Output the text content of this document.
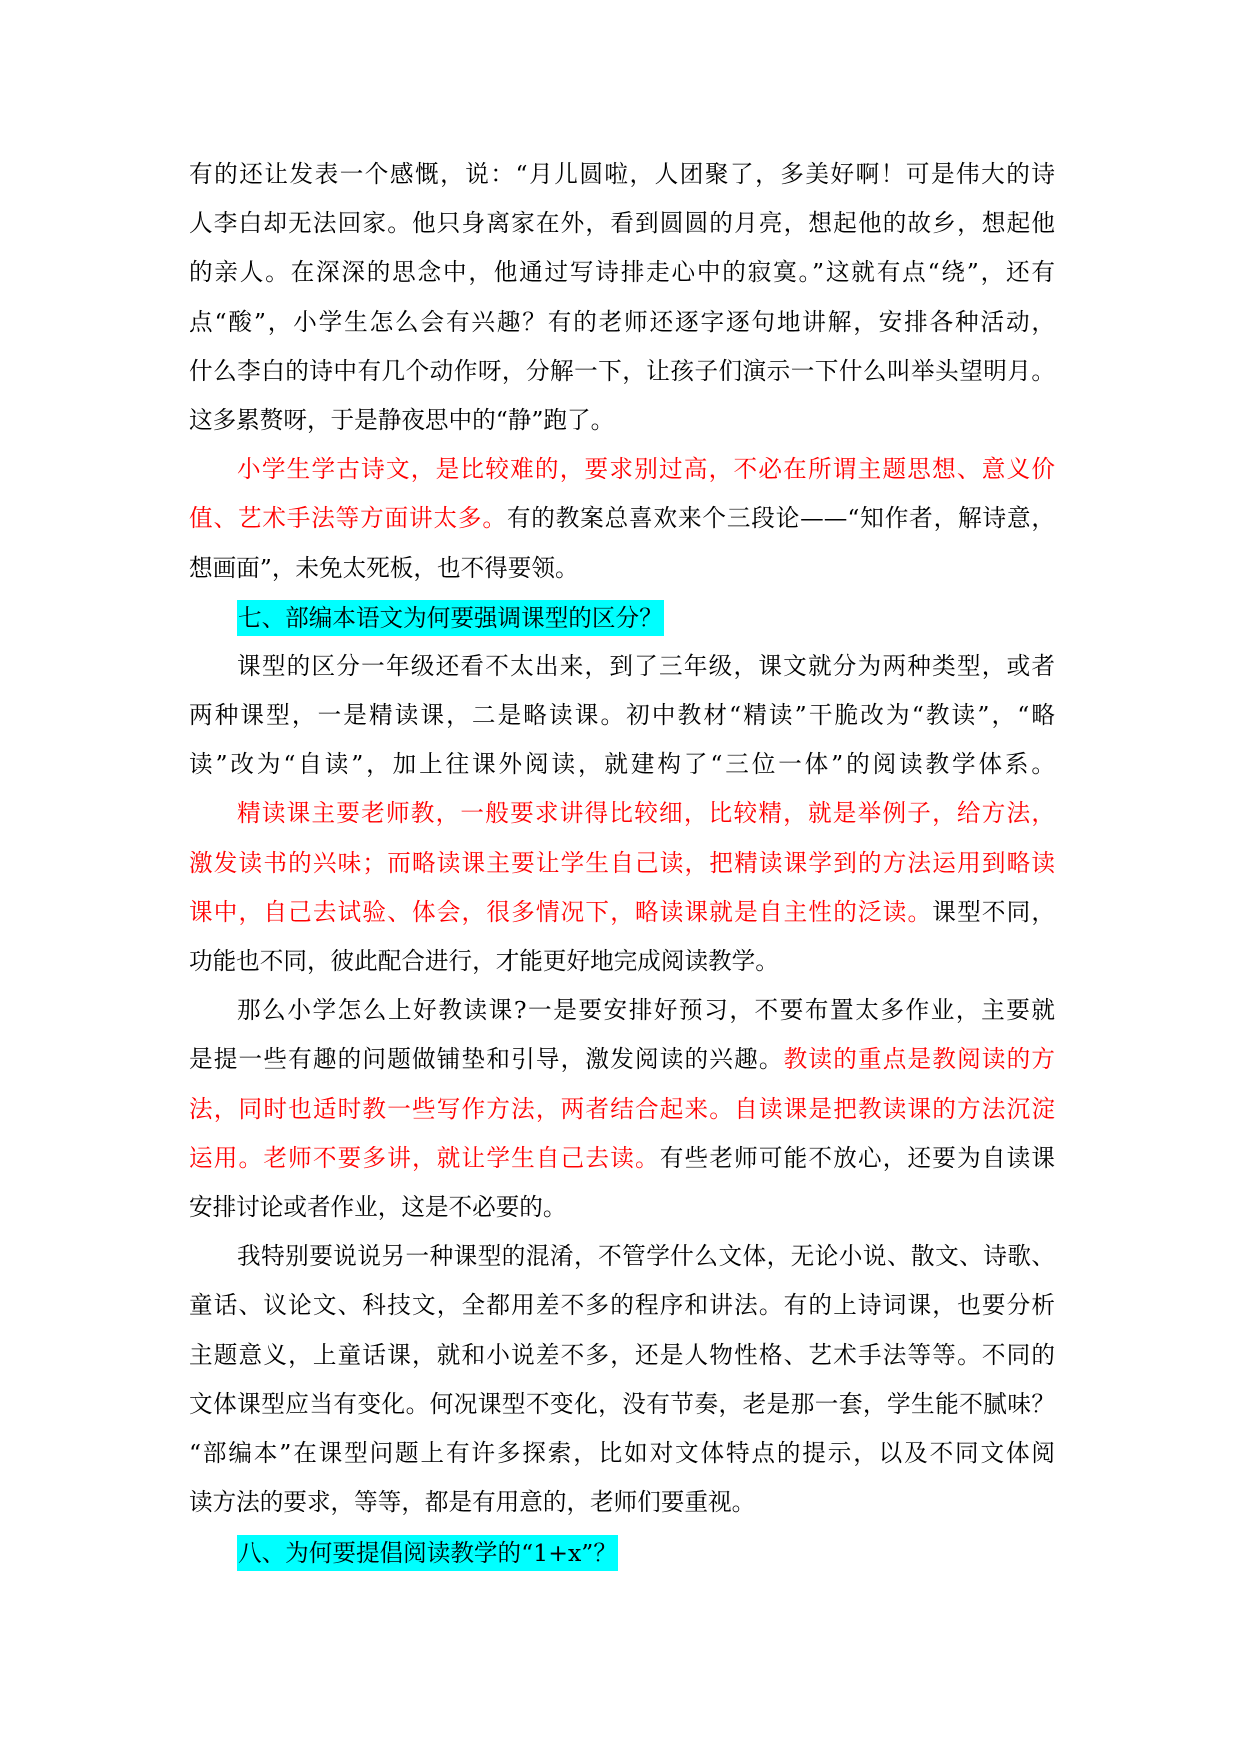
有的还让发表一个感慨，说：“月儿圆啦，人团聚了，多美好啊！可是伟大的诗
人李白却无法回家。他只身离家在外，看到圆圆的月亮，想起他的故乡，想起他
的亲人。在深深的思念中，他通过写诗排走心中的寂寞。”这就有点“绕”，还有
点“酸”，小学生怎么会有兴趣？有的老师还逐字逐句地讲解，安排各种活动，
什么李白的诗中有几个动作呀，分解一下，让孩子们演示一下什么叫举头望明月。
这多累赘呀，于是静夜思中的“静”跑了。
小学生学古诗文，是比较难的，要求别过高，不必在所谓主题思想、意义价
值、艺术手法等方面讲太多。有的教案总喜欢来个三段论——“知作者，解诗意，
想画面”，未免太死板，也不得要领。
七、部编本语文为何要强调课型的区分？
课型的区分一年级还看不太出来，到了三年级，课文就分为两种类型，或者
两种课型，一是精读课，二是略读课。初中教材“精读”干脆改为“教读”，“略
读”改为“自读”，加上往课外阅读，就建构了“三位一体”的阅读教学体系。
精读课主要老师教，一般要求讲得比较细，比较精，就是举例子，给方法，
激发读书的兴味；而略读课主要让学生自己读，把精读课学到的方法运用到略读
课中，自己去试验、体会，很多情况下，略读课就是自主性的泛读。课型不同，
功能也不同，彼此配合进行，才能更好地完成阅读教学。
那么小学怎么上好教读课?一是要安排好预习，不要布置太多作业，主要就
是提一些有趣的问题做铺垫和引导，激发阅读的兴趣。教读的重点是教阅读的方
法，同时也适时教一些写作方法，两者结合起来。自读课是把教读课的方法沉淀
运用。老师不要多讲，就让学生自己去读。有些老师可能不放心，还要为自读课
安排讨论或者作业，这是不必要的。
我特别要说说另一种课型的混淆，不管学什么文体，无论小说、散文、诗歌、
童话、议论文、科技文，全都用差不多的程序和讲法。有的上诗词课，也要分析
主题意义，上童话课，就和小说差不多，还是人物性格、艺术手法等等。不同的
文体课型应当有变化。何况课型不变化，没有节奏，老是那一套，学生能不腻味？
“部编本”在课型问题上有许多探索，比如对文体特点的提示，以及不同文体阅
读方法的要求，等等，都是有用意的，老师们要重视。
八、为何要提倡阅读教学的“1+x”？
